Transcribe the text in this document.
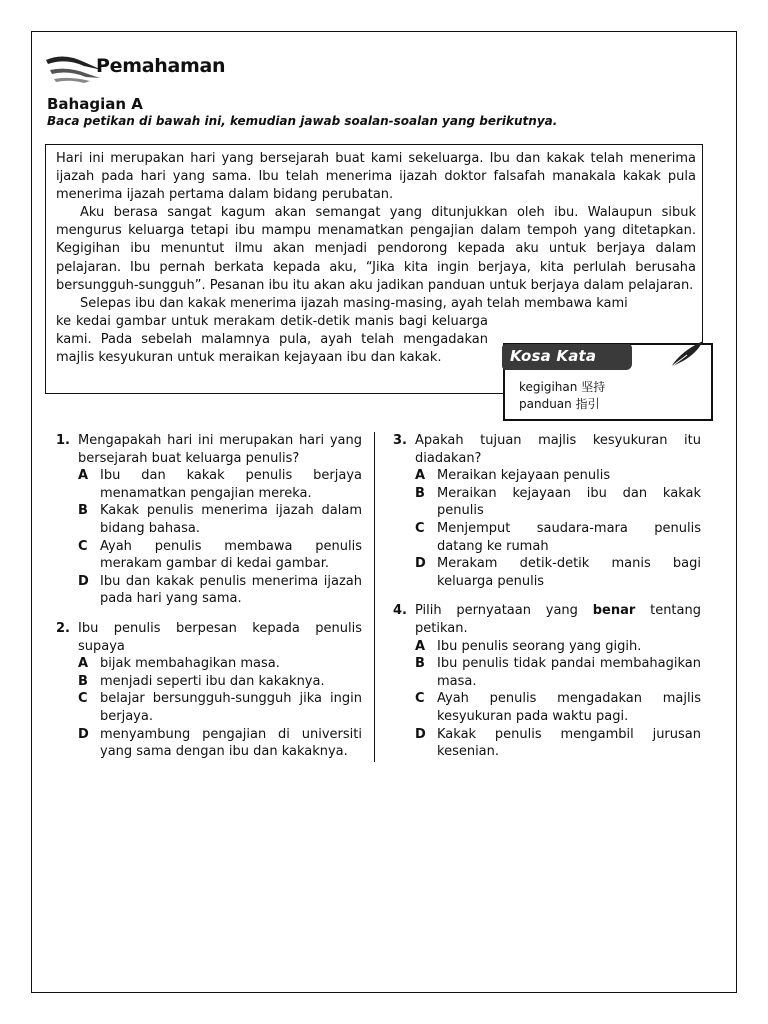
Pemahaman
Bahagian A
Baca petikan di bawah ini, kemudian jawab soalan-soalan yang berikutnya.

Hari ini merupakan hari yang bersejarah buat kami sekeluarga. Ibu dan kakak telah menerima ijazah pada hari yang sama. Ibu telah menerima ijazah doktor falsafah manakala kakak pula menerima ijazah pertama dalam bidang perubatan.

Aku berasa sangat kagum akan semangat yang ditunjukkan oleh ibu. Walaupun sibuk mengurus keluarga tetapi ibu mampu menamatkan pengajian dalam tempoh yang ditetapkan. Kegigihan ibu menuntut ilmu akan menjadi pendorong kepada aku untuk berjaya dalam pelajaran. Ibu pernah berkata kepada aku, “Jika kita ingin berjaya, kita perlulah berusaha bersungguh-sungguh”. Pesanan ibu itu akan aku jadikan panduan untuk berjaya dalam pelajaran.

Selepas ibu dan kakak menerima ijazah masing-masing, ayah telah membawa kami

ke kedai gambar untuk merakam detik-detik manis bagi keluarga kami. Pada sebelah malamnya pula, ayah telah mengadakan majlis kesyukuran untuk meraikan kejayaan ibu dan kakak.	Kosa Kata
kegigihan 坚持
panduan 指引
1. Mengapakah hari ini merupakan hari yang bersejarah buat keluarga penulis?
A Ibu dan kakak penulis berjaya menamatkan pengajian mereka.
B Kakak penulis menerima ijazah dalam bidang bahasa.
C Ayah penulis membawa penulis merakam gambar di kedai gambar.
D Ibu dan kakak penulis menerima ijazah pada hari yang sama.
2. Ibu penulis berpesan kepada penulis supaya
A bijak membahagikan masa.
B menjadi seperti ibu dan kakaknya.
C belajar bersungguh-sungguh jika ingin berjaya.
D menyambung pengajian di universiti yang sama dengan ibu dan kakaknya.
3. Apakah tujuan majlis kesyukuran itu diadakan?
A Meraikan kejayaan penulis
B Meraikan kejayaan ibu dan kakak penulis
C Menjemput saudara-mara penulis datang ke rumah
D Merakam detik-detik manis bagi keluarga penulis
4. Pilih pernyataan yang benar tentang petikan.
A Ibu penulis seorang yang gigih.
B Ibu penulis tidak pandai membahagikan masa.
C Ayah penulis mengadakan majlis kesyukuran pada waktu pagi.
D Kakak penulis mengambil jurusan kesenian.
